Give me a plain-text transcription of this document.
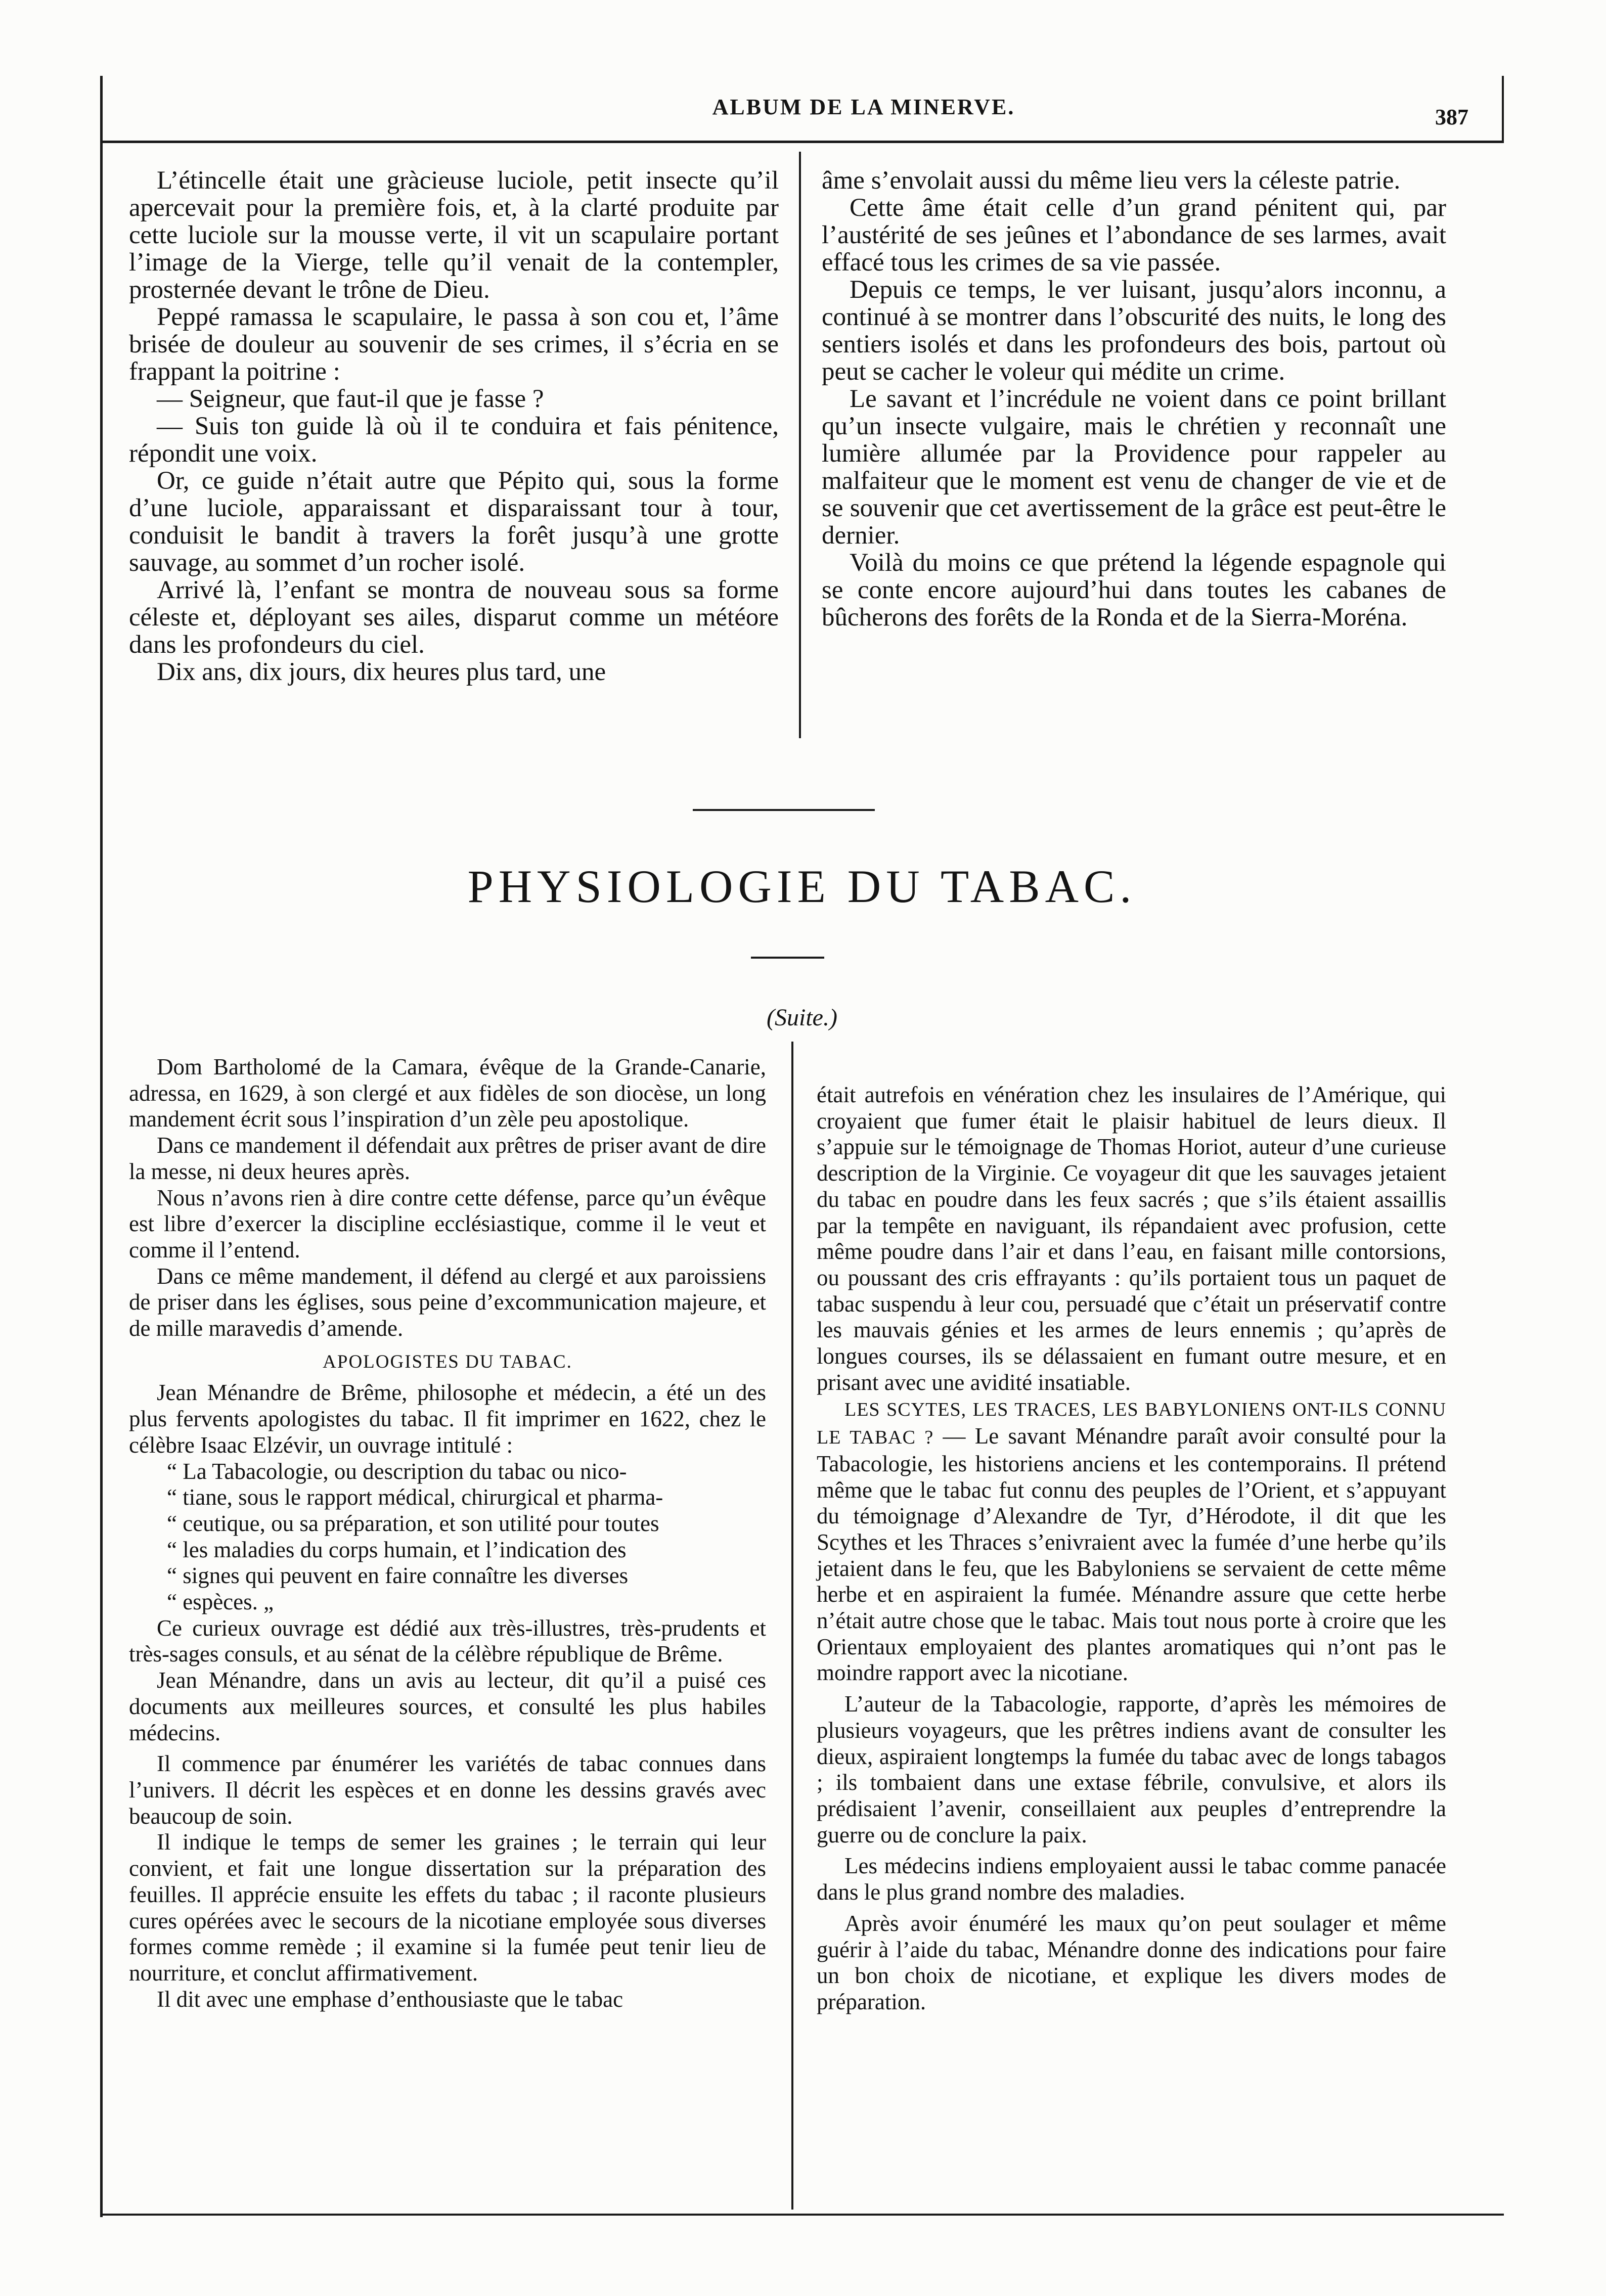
ALBUM DE LA MINERVE.	387

L’étincelle était une gràcieuse luciole, petit insecte qu’il apercevait pour la première fois, et, à la clarté produite par cette luciole sur la mousse verte, il vit un scapulaire portant l’image de la Vierge, telle qu’il venait de la contempler, prosternée devant le trône de Dieu.

Peppé ramassa le scapulaire, le passa à son cou et, l’âme brisée de douleur au souvenir de ses crimes, il s’écria en se frappant la poitrine :

— Seigneur, que faut-il que je fasse ?

— Suis ton guide là où il te conduira et fais pénitence, répondit une voix.

Or, ce guide n’était autre que Pépito qui, sous la forme d’une luciole, apparaissant et disparaissant tour à tour, conduisit le bandit à travers la forêt jusqu’à une grotte sauvage, au sommet d’un rocher isolé.

Arrivé là, l’enfant se montra de nouveau sous sa forme céleste et, déployant ses ailes, disparut comme un météore dans les profondeurs du ciel.

Dix ans, dix jours, dix heures plus tard, une

âme s’envolait aussi du même lieu vers la céleste patrie.

Cette âme était celle d’un grand pénitent qui, par l’austérité de ses jeûnes et l’abondance de ses larmes, avait effacé tous les crimes de sa vie passée.

Depuis ce temps, le ver luisant, jusqu’alors inconnu, a continué à se montrer dans l’obscurité des nuits, le long des sentiers isolés et dans les profondeurs des bois, partout où peut se cacher le voleur qui médite un crime.

Le savant et l’incrédule ne voient dans ce point brillant qu’un insecte vulgaire, mais le chrétien y reconnaît une lumière allumée par la Providence pour rappeler au malfaiteur que le moment est venu de changer de vie et de se souvenir que cet avertissement de la grâce est peut-être le dernier.

Voilà du moins ce que prétend la légende espagnole qui se conte encore aujourd’hui dans toutes les cabanes de bûcherons des forêts de la Ronda et de la Sierra-Moréna.

PHYSIOLOGIE DU TABAC.
(Suite.)

Dom Bartholomé de la Camara, évêque de la Grande-Canarie, adressa, en 1629, à son clergé et aux fidèles de son diocèse, un long mandement écrit sous l’inspiration d’un zèle peu apostolique.

Dans ce mandement il défendait aux prêtres de priser avant de dire la messe, ni deux heures après.

Nous n’avons rien à dire contre cette défense, parce qu’un évêque est libre d’exercer la discipline ecclésiastique, comme il le veut et comme il l’entend.

Dans ce même mandement, il défend au clergé et aux paroissiens de priser dans les églises, sous peine d’excommunication majeure, et de mille maravedis d’amende.

APOLOGISTES DU TABAC.

Jean Ménandre de Brême, philosophe et médecin, a été un des plus fervents apologistes du tabac. Il fit imprimer en 1622, chez le célèbre Isaac Elzévir, un ouvrage intitulé :

“ La Tabacologie, ou description du tabac ou nico-

“ tiane, sous le rapport médical, chirurgical et pharma-

“ ceutique, ou sa préparation, et son utilité pour toutes

“ les maladies du corps humain, et l’indication des

“ signes qui peuvent en faire connaître les diverses

“ espèces. „

Ce curieux ouvrage est dédié aux très-illustres, très-prudents et très-sages consuls, et au sénat de la célèbre république de Brême.

Jean Ménandre, dans un avis au lecteur, dit qu’il a puisé ces documents aux meilleures sources, et consulté les plus habiles médecins.

Il commence par énumérer les variétés de tabac connues dans l’univers. Il décrit les espèces et en donne les dessins gravés avec beaucoup de soin.

Il indique le temps de semer les graines ; le terrain qui leur convient, et fait une longue dissertation sur la préparation des feuilles. Il apprécie ensuite les effets du tabac ; il raconte plusieurs cures opérées avec le secours de la nicotiane employée sous diverses formes comme remède ; il examine si la fumée peut tenir lieu de nourriture, et conclut affirmativement.

Il dit avec une emphase d’enthousiaste que le tabac

était autrefois en vénération chez les insulaires de l’Amérique, qui croyaient que fumer était le plaisir habituel de leurs dieux. Il s’appuie sur le témoignage de Thomas Horiot, auteur d’une curieuse description de la Virginie. Ce voyageur dit que les sauvages jetaient du tabac en poudre dans les feux sacrés ; que s’ils étaient assaillis par la tempête en naviguant, ils répandaient avec profusion, cette même poudre dans l’air et dans l’eau, en faisant mille contorsions, ou poussant des cris effrayants : qu’ils portaient tous un paquet de tabac suspendu à leur cou, persuadé que c’était un préservatif contre les mauvais génies et les armes de leurs ennemis ; qu’après de longues courses, ils se délassaient en fumant outre mesure, et en prisant avec une avidité insatiable.

LES SCYTES, LES TRACES, LES BABYLONIENS ONT-ILS CONNU LE TABAC ? — Le savant Ménandre paraît avoir consulté pour la Tabacologie, les historiens anciens et les contemporains. Il prétend même que le tabac fut connu des peuples de l’Orient, et s’appuyant du témoignage d’Alexandre de Tyr, d’Hérodote, il dit que les Scythes et les Thraces s’enivraient avec la fumée d’une herbe qu’ils jetaient dans le feu, que les Babyloniens se servaient de cette même herbe et en aspiraient la fumée. Ménandre assure que cette herbe n’était autre chose que le tabac. Mais tout nous porte à croire que les Orientaux employaient des plantes aromatiques qui n’ont pas le moindre rapport avec la nicotiane.

L’auteur de la Tabacologie, rapporte, d’après les mémoires de plusieurs voyageurs, que les prêtres indiens avant de consulter les dieux, aspiraient longtemps la fumée du tabac avec de longs tabagos ; ils tombaient dans une extase fébrile, convulsive, et alors ils prédisaient l’avenir, conseillaient aux peuples d’entreprendre la guerre ou de conclure la paix.

Les médecins indiens employaient aussi le tabac comme panacée dans le plus grand nombre des maladies.

Après avoir énuméré les maux qu’on peut soulager et même guérir à l’aide du tabac, Ménandre donne des indications pour faire un bon choix de nicotiane, et explique les divers modes de préparation.
